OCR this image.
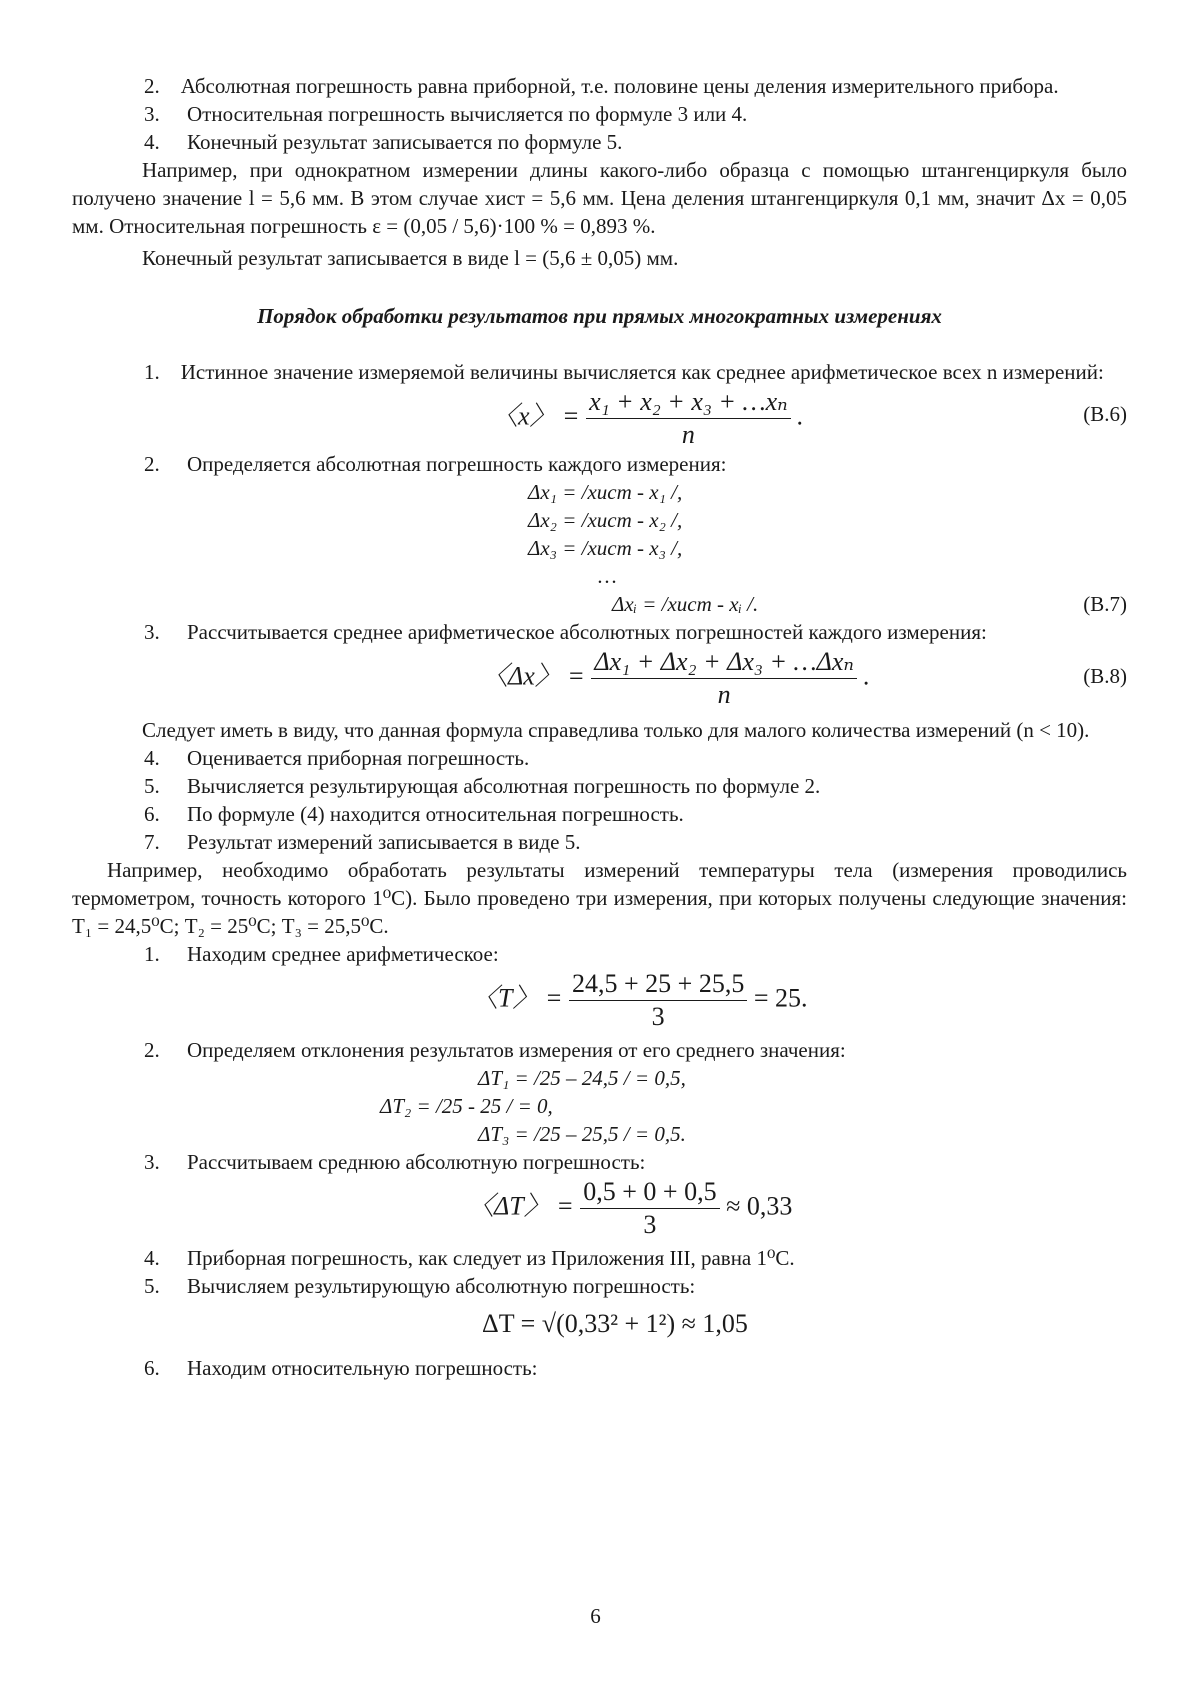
2. Абсолютная погрешность равна приборной, т.е. половине цены деления измерительного прибора.

3. Относительная погрешность вычисляется по формуле 3 или 4.

4. Конечный результат записывается по формуле 5.

Например, при однократном измерении длины какого-либо образца с помощью штангенциркуля было получено значение l = 5,6 мм. В этом случае хист = 5,6 мм. Цена деления штангенциркуля 0,1 мм, значит Δx = 0,05 мм. Относительная погрешность ε = (0,05 / 5,6)·100 % = 0,893 %.

Конечный результат записывается в виде l = (5,6 ± 0,05) мм.

Порядок обработки результатов при прямых многократных измерениях

1. Истинное значение измеряемой величины вычисляется как среднее арифметическое всех n измерений:

〈x〉 = $\frac{\text{x₁ + x₂ + x₃ + …xₙ}}{n}$ .	(В.6)

2. Определяется абсолютная погрешность каждого измерения:

Δx₁ = /xист - x₁ /,
Δx₂ = /xист - x₂ /,
Δx₃ = /xист - x₃ /,
…
Δxᵢ = /xист - xᵢ /.	(В.7)

3. Рассчитывается среднее арифметическое абсолютных погрешностей каждого измерения:

〈Δx〉 = $\frac{\text{Δx₁ + Δx₂ + Δx₃ + …Δxₙ}}{n}$ .	(В.8)

Следует иметь в виду, что данная формула справедлива только для малого количества измерений (n < 10).

4. Оценивается приборная погрешность.

5. Вычисляется результирующая абсолютная погрешность по формуле 2.

6. По формуле (4) находится относительная погрешность.

7. Результат измерений записывается в виде 5.

Например, необходимо обработать результаты измерений температуры тела (измерения проводились термометром, точность которого 1⁰С). Было проведено три измерения, при которых получены следующие значения: Т₁ = 24,5⁰С; Т₂ = 25⁰С; Т₃ = 25,5⁰С.

1. Находим среднее арифметическое:

〈T〉 = $\frac{24,5 + 25 + 25,5}{3} = 25$.

2. Определяем отклонения результатов измерения от его среднего значения:

ΔT₁ = /25 – 24,5 / = 0,5,
ΔT₂ = /25 - 25 / = 0,
ΔT₃ = /25 – 25,5 / = 0,5.

3. Рассчитываем среднюю абсолютную погрешность:

〈ΔT〉 = $\frac{0,5 + 0 + 0,5}{3} \approx 0,33$

4. Приборная погрешность, как следует из Приложения III, равна 1⁰С.

5. Вычисляем результирующую абсолютную погрешность:

ΔT = √(0,33² + 1²) ≈ 1,05

6. Находим относительную погрешность:

6
